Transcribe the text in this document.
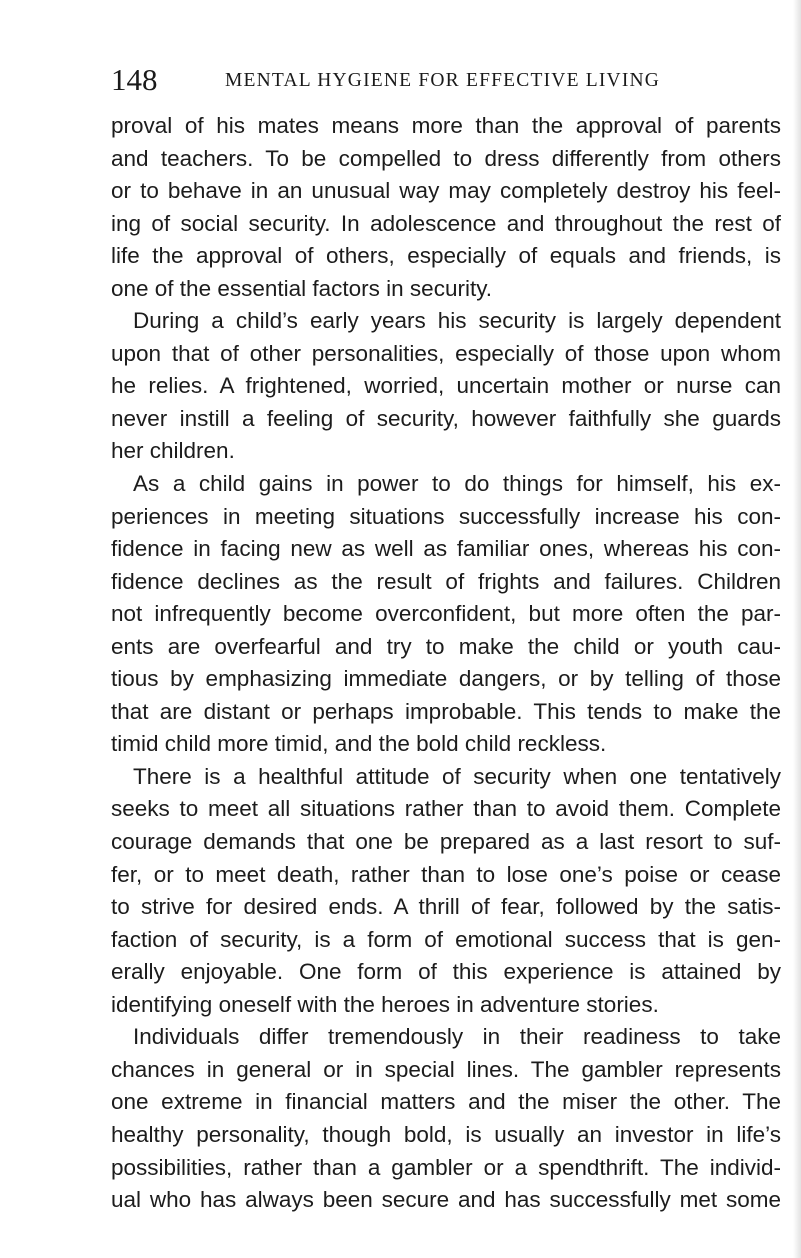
148	MENTAL HYGIENE FOR EFFECTIVE LIVING
proval of his mates means more than the approval of parents
and teachers. To be compelled to dress differently from others
or to behave in an unusual way may completely destroy his feel-
ing of social security. In adolescence and throughout the rest of
life the approval of others, especially of equals and friends, is
one of the essential factors in security.
During a child’s early years his security is largely dependent
upon that of other personalities, especially of those upon whom
he relies. A frightened, worried, uncertain mother or nurse can
never instill a feeling of security, however faithfully she guards
her children.
As a child gains in power to do things for himself, his ex-
periences in meeting situations successfully increase his con-
fidence in facing new as well as familiar ones, whereas his con-
fidence declines as the result of frights and failures. Children
not infrequently become overconfident, but more often the par-
ents are overfearful and try to make the child or youth cau-
tious by emphasizing immediate dangers, or by telling of those
that are distant or perhaps improbable. This tends to make the
timid child more timid, and the bold child reckless.
There is a healthful attitude of security when one tentatively
seeks to meet all situations rather than to avoid them. Complete
courage demands that one be prepared as a last resort to suf-
fer, or to meet death, rather than to lose one’s poise or cease
to strive for desired ends. A thrill of fear, followed by the satis-
faction of security, is a form of emotional success that is gen-
erally enjoyable. One form of this experience is attained by
identifying oneself with the heroes in adventure stories.
Individuals differ tremendously in their readiness to take
chances in general or in special lines. The gambler represents
one extreme in financial matters and the miser the other. The
healthy personality, though bold, is usually an investor in life’s
possibilities, rather than a gambler or a spendthrift. The individ-
ual who has always been secure and has successfully met some
